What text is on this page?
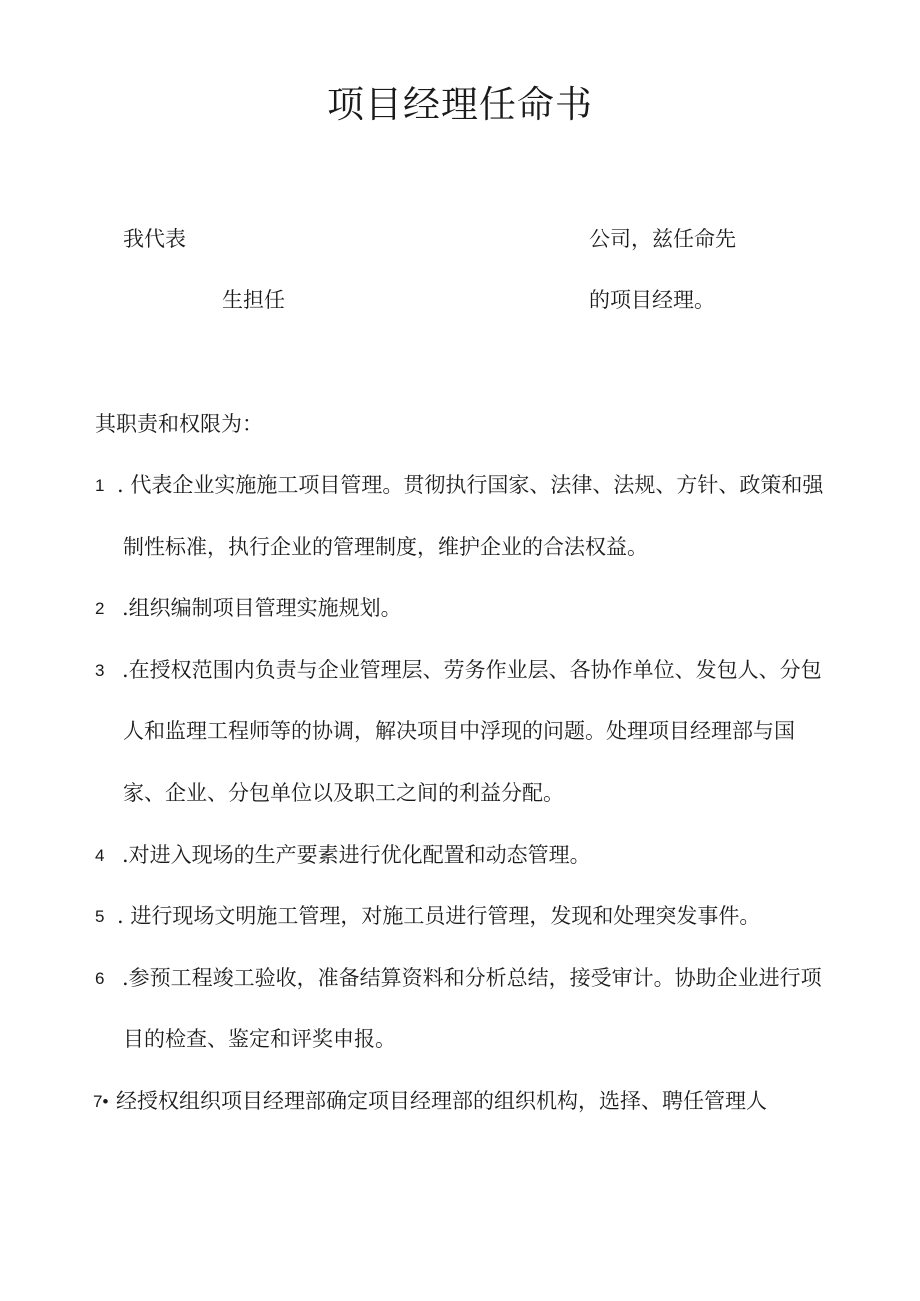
项目经理任命书
我代表	公司，兹任命先
生担任	的项目经理。
其职责和权限为：
1 . 代表企业实施施工项目管理。贯彻执行国家、法律、法规、方针、政策和强
制性标准，执行企业的管理制度，维护企业的合法权益。
2 .组织编制项目管理实施规划。
3 .在授权范围内负责与企业管理层、劳务作业层、各协作单位、发包人、分包
人和监理工程师等的协调，解决项目中浮现的问题。处理项目经理部与国
家、企业、分包单位以及职工之间的利益分配。
4 .对进入现场的生产要素进行优化配置和动态管理。
5 . 进行现场文明施工管理，对施工员进行管理，发现和处理突发事件。
6 .参预工程竣工验收，准备结算资料和分析总结，接受审计。协助企业进行项
目的检查、鉴定和评奖申报。
7• 经授权组织项目经理部确定项目经理部的组织机构，选择、聘任管理人
